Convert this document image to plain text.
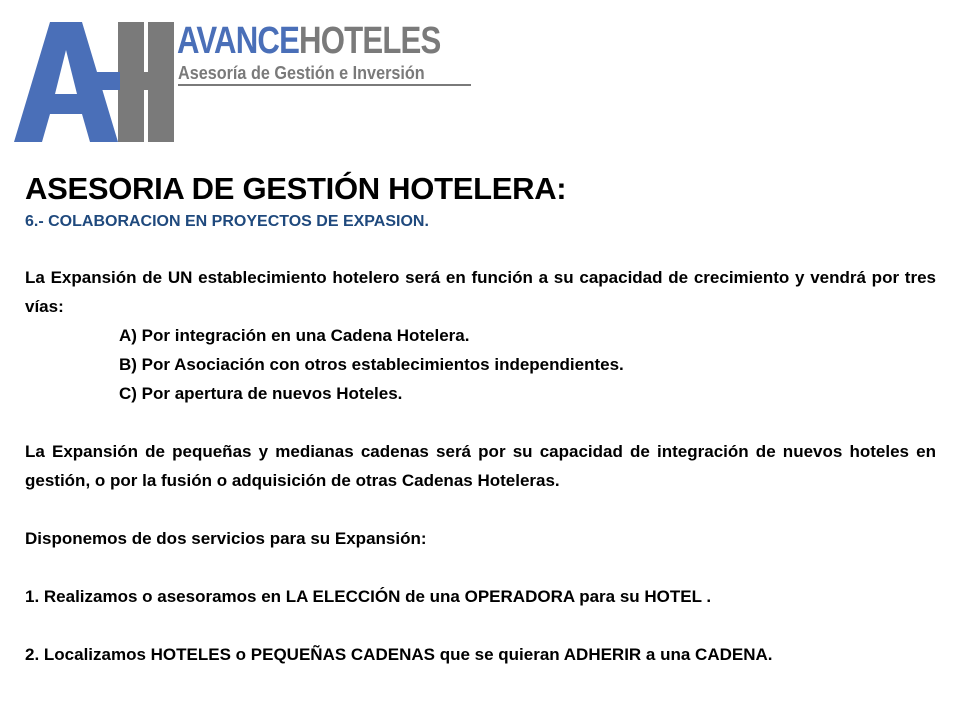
AVANCEHOTELES
Asesoría de Gestión e Inversión
ASESORIA DE GESTIÓN HOTELERA:

6.- COLABORACION EN PROYECTOS DE EXPASION.

La Expansión de UN establecimiento hotelero será en función a su capacidad de crecimiento y vendrá por tres vías:

A) Por integración en una Cadena Hotelera.

B) Por Asociación con otros establecimientos independientes.

C) Por apertura de nuevos Hoteles.

La Expansión de pequeñas y medianas cadenas será por su capacidad de integración de nuevos hoteles en gestión, o por la fusión o adquisición de otras Cadenas Hoteleras.

Disponemos de dos servicios para su Expansión:

1. Realizamos o asesoramos en LA ELECCIÓN de una OPERADORA para su HOTEL .

2. Localizamos HOTELES o PEQUEÑAS CADENAS que se quieran ADHERIR a una CADENA.
